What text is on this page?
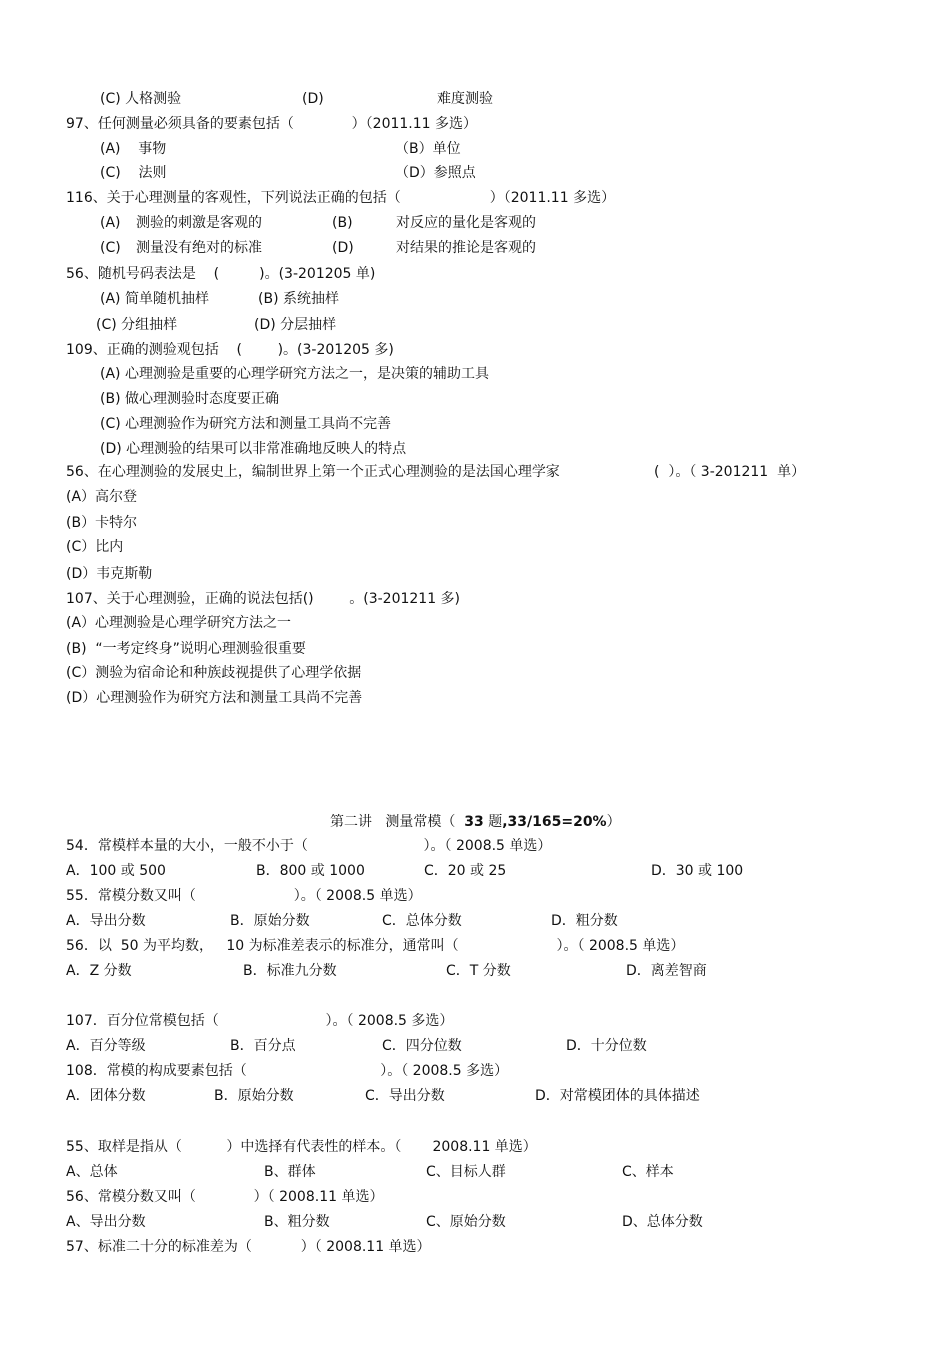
(C) 人格测验	(D)	难度测验
97、任何测量必须具备的要素包括（             ）（2011.11 多选）
(A)    事物	（B）单位
(C)    法则	（D）参照点
116、关于心理测量的客观性，下列说法正确的包括（                    ）（2011.11 多选）
(A) 测验的刺激是客观的	(B)	对反应的量化是客观的
(C) 测量没有绝对的标准	(D)	对结果的推论是客观的
56、随机号码表法是    (         )。(3-201205 单)
(A) 简单随机抽样	(B) 系统抽样
(C) 分组抽样	(D) 分层抽样
109、正确的测验观包括    (        )。(3-201205 多)
(A) 心理测验是重要的心理学研究方法之一，是决策的辅助工具
(B) 做心理测验时态度要正确
(C) 心理测验作为研究方法和测量工具尚不完善
(D) 心理测验的结果可以非常准确地反映人的特点
56、在心理测验的发展史上，编制世界上第一个正式心理测验的是法国心理学家	(  ）。（ 3-201211  单）
(A）高尔登
(B）卡特尔
(C）比内
(D）韦克斯勒
107、关于心理测验，正确的说法包括()        。(3-201211 多)
(A）心理测验是心理学研究方法之一
(B)  “一考定终身”说明心理测验很重要
(C）测验为宿命论和种族歧视提供了心理学依据
(D）心理测验作为研究方法和测量工具尚不完善
第二讲   测量常模（  33 题,33/165=20%）
54．常模样本量的大小，一般不小于（                          ）。（ 2008.5 单选）
A．100 或 500	B．800 或 1000	C．20 或 25	D．30 或 100
55．常模分数又叫（                      ）。（ 2008.5 单选）
A．导出分数	B．原始分数	C．总体分数	D．粗分数
56．以  50 为平均数，   10 为标准差表示的标准分，通常叫（                      ）。（ 2008.5 单选）
A．Z 分数	B．标准九分数	C．T 分数	D．离差智商
107．百分位常模包括（                        ）。（ 2008.5 多选）
A．百分等级	B．百分点	C．四分位数	D．十分位数
108．常模的构成要素包括（                              ）。（ 2008.5 多选）
A．团体分数	B．原始分数	C．导出分数	D．对常模团体的具体描述
55、取样是指从（          ）中选择有代表性的样本。（       2008.11 单选）
A、总体	B、群体	C、目标人群	C、样本
56、常模分数又叫（             ）（ 2008.11 单选）
A、导出分数	B、粗分数	C、原始分数	D、总体分数
57、标准二十分的标准差为（           ）（ 2008.11 单选）
